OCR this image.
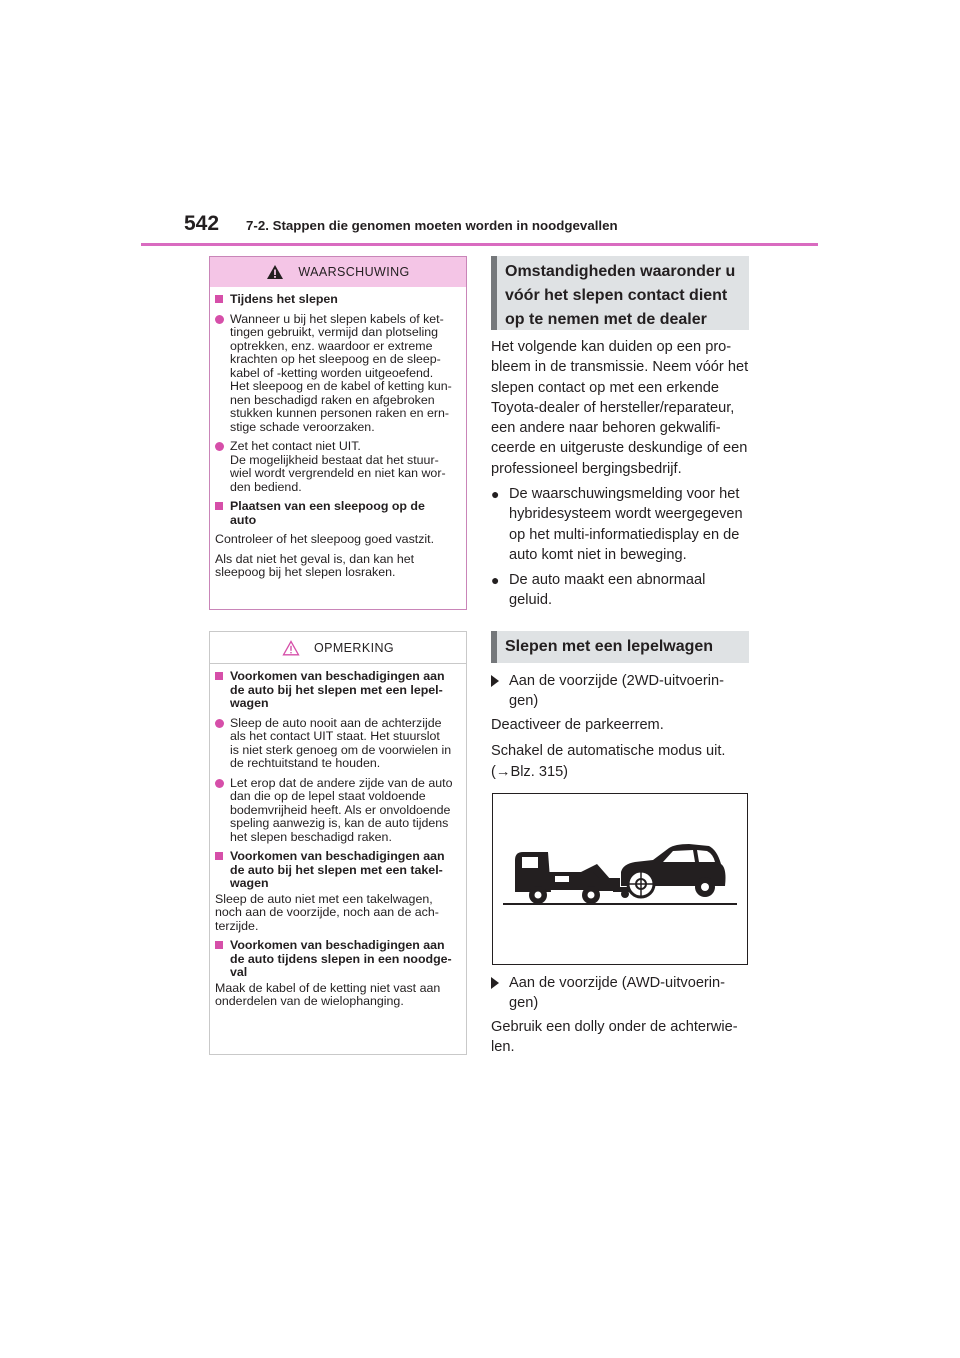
542 7-2. Stappen die genomen moeten worden in noodgevallen
WAARSCHUWING
Tijdens het slepen
Wanneer u bij het slepen kabels of ket-
tingen gebruikt, vermijd dan plotseling
optrekken, enz. waardoor er extreme
krachten op het sleepoog en de sleep-
kabel of -ketting worden uitgeoefend.
Het sleepoog en de kabel of ketting kun-
nen beschadigd raken en afgebroken
stukken kunnen personen raken en ern-
stige schade veroorzaken.
Zet het contact niet UIT.
De mogelijkheid bestaat dat het stuur-
wiel wordt vergrendeld en niet kan wor-
den bediend.
Plaatsen van een sleepoog op de
auto
Controleer of het sleepoog goed vastzit.
Als dat niet het geval is, dan kan het
sleepoog bij het slepen losraken.
OPMERKING
Voorkomen van beschadigingen aan
de auto bij het slepen met een lepel-
wagen
Sleep de auto nooit aan de achterzijde
als het contact UIT staat. Het stuurslot
is niet sterk genoeg om de voorwielen in
de rechtuitstand te houden.
Let erop dat de andere zijde van de auto
dan die op de lepel staat voldoende
bodemvrijheid heeft. Als er onvoldoende
speling aanwezig is, kan de auto tijdens
het slepen beschadigd raken.
Voorkomen van beschadigingen aan
de auto bij het slepen met een takel-
wagen
Sleep de auto niet met een takelwagen,
noch aan de voorzijde, noch aan de ach-
terzijde.
Voorkomen van beschadigingen aan
de auto tijdens slepen in een noodge-
val
Maak de kabel of de ketting niet vast aan
onderdelen van de wielophanging.
Omstandigheden waaronder u
vóór het slepen contact dient
op te nemen met de dealer
Het volgende kan duiden op een pro-
bleem in de transmissie. Neem vóór het
slepen contact op met een erkende
Toyota-dealer of hersteller/reparateur,
een andere naar behoren gekwalifi-
ceerde en uitgeruste deskundige of een
professioneel bergingsbedrijf.
● De waarschuwingsmelding voor het
hybridesysteem wordt weergegeven
op het multi-informatiedisplay en de
auto komt niet in beweging.
● De auto maakt een abnormaal
geluid.
Slepen met een lepelwagen
Aan de voorzijde (2WD-uitvoerin-
gen)
Deactiveer de parkeerrem.
Schakel de automatische modus uit.
(→Blz. 315)
Aan de voorzijde (AWD-uitvoerin-
gen)
Gebruik een dolly onder de achterwie-
len.
